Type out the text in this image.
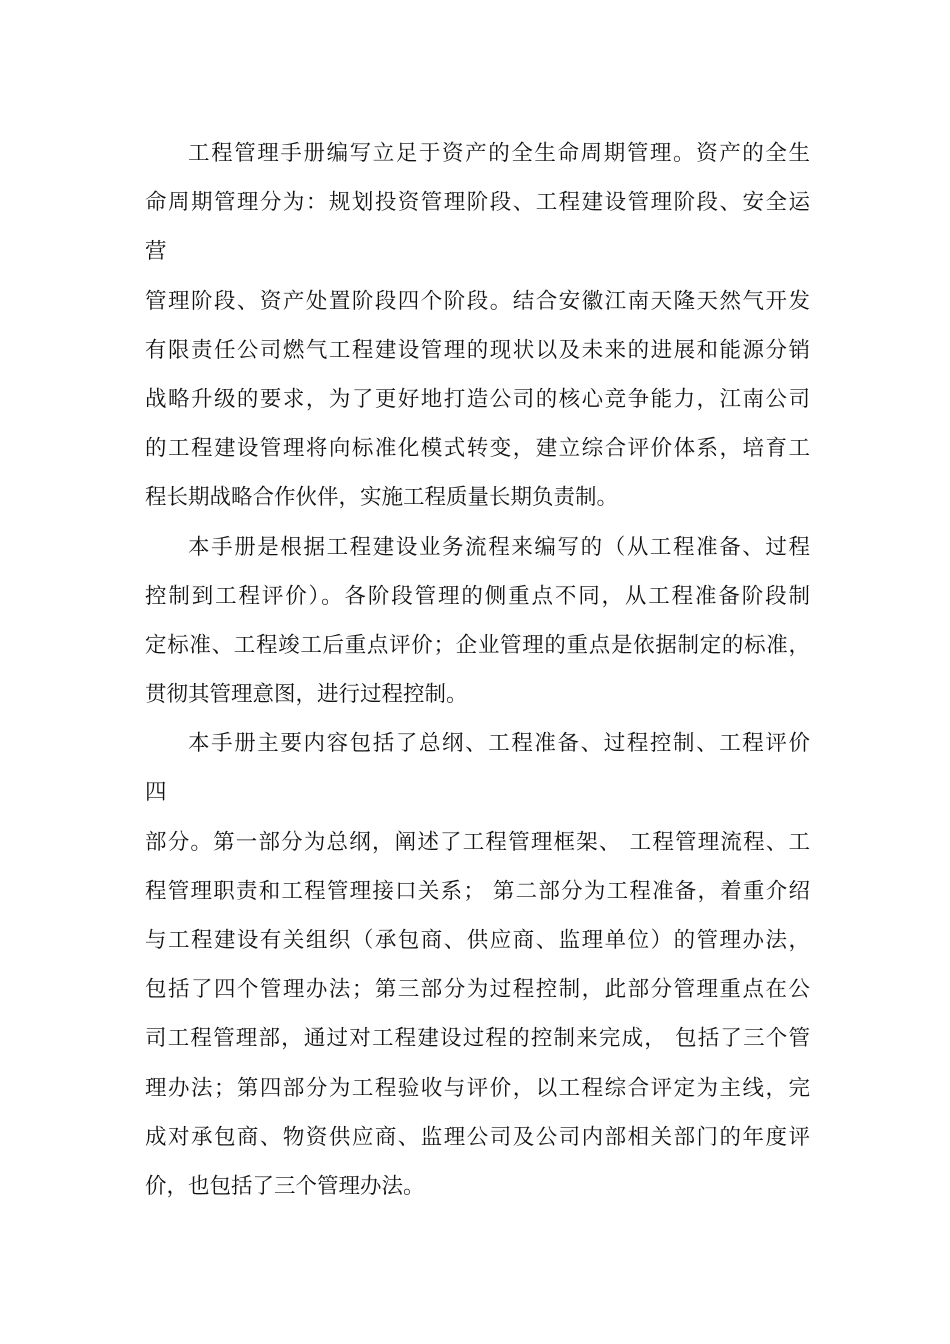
工程管理手册编写立足于资产的全生命周期管理。资产的全生
命周期管理分为：规划投资管理阶段、工程建设管理阶段、安全运
营
管理阶段、资产处置阶段四个阶段。结合安徽江南天隆天然气开发
有限责任公司燃气工程建设管理的现状以及未来的进展和能源分销
战略升级的要求，为了更好地打造公司的核心竞争能力，江南公司
的工程建设管理将向标准化模式转变，建立综合评价体系，培育工
程长期战略合作伙伴，实施工程质量长期负责制。
本手册是根据工程建设业务流程来编写的（从工程准备、过程
控制到工程评价）。各阶段管理的侧重点不同，从工程准备阶段制
定标准、工程竣工后重点评价；企业管理的重点是依据制定的标准，
贯彻其管理意图，进行过程控制。
本手册主要内容包括了总纲、工程准备、过程控制、工程评价
四
部分。第一部分为总纲，阐述了工程管理框架、 工程管理流程、工
程管理职责和工程管理接口关系； 第二部分为工程准备，着重介绍
与工程建设有关组织（承包商、供应商、监理单位）的管理办法，
包括了四个管理办法；第三部分为过程控制，此部分管理重点在公
司工程管理部，通过对工程建设过程的控制来完成， 包括了三个管
理办法；第四部分为工程验收与评价，以工程综合评定为主线，完
成对承包商、物资供应商、监理公司及公司内部相关部门的年度评
价，也包括了三个管理办法。
